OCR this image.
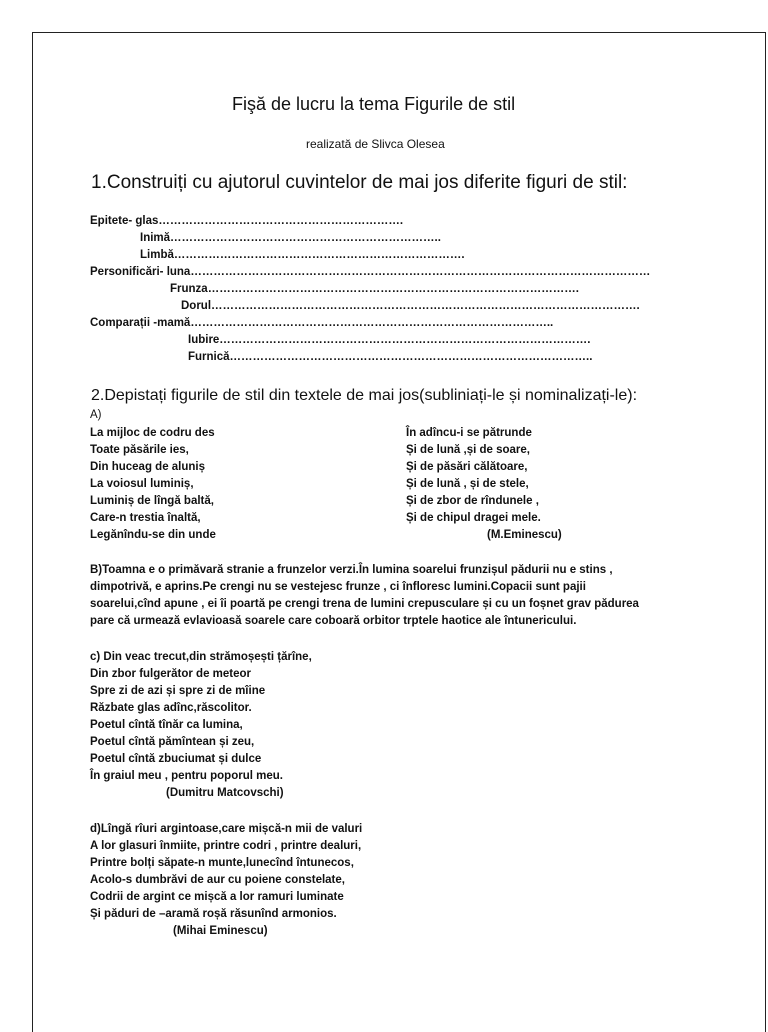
Fişă de lucru la tema Figurile de stil
realizată de Slivca Olesea
1.Construiți cu ajutorul cuvintelor de mai jos diferite figuri de stil:
Epitete- glas……………………………………………………….
Inimă……………………………………………………………..
Limbă………………………………………………………………….
Personificări- luna…………………………………………………………………………………………………………
Frunza…………………………………………………………………………………….
Dorul………………………………………………………………………………………………….
Comparații -mamă…………………………………………………………………………………..
Iubire…………………………………………………………………………………….
Furnică…………………………………………………………………………………..
2.Depistați figurile de stil din textele de mai jos(subliniați-le și nominalizați-le):
A)
La mijloc de codru des
Toate păsările ies,
Din huceag de aluniș
La voiosul luminiș,
Luminiș de lîngă baltă,
Care-n trestia înaltă,
Legănîndu-se din unde
În adîncu-i se pătrunde
Și de lună ,și de soare,
Și de păsări călătoare,
Și de lună , și de stele,
Și de zbor de rîndunele ,
Și de chipul dragei mele.
(M.Eminescu)
B)Toamna e o primăvară stranie a frunzelor verzi.În lumina soarelui frunzișul pădurii nu e stins ,
dimpotrivă, e aprins.Pe crengi nu se vestejesc frunze , ci înfloresc lumini.Copacii sunt pajii
soarelui,cînd apune , ei îi poartă pe crengi trena de lumini crepusculare și cu un foșnet grav pădurea
pare că urmează evlavioasă soarele care coboară orbitor trptele haotice ale întunericului.
c) Din veac trecut,din strămoșești țărîne,
Din zbor fulgerător de meteor
Spre zi de azi și spre zi de mîine
Răzbate glas adînc,răscolitor.
Poetul cîntă tînăr ca lumina,
Poetul cîntă pămîntean și zeu,
Poetul cîntă zbuciumat și dulce
În graiul meu , pentru poporul meu.
(Dumitru Matcovschi)
d)Lîngă rîuri argintoase,care mișcă-n mii de valuri
A lor glasuri înmiite, printre codri , printre dealuri,
Printre bolți săpate-n munte,lunecînd întunecos,
Acolo-s dumbrăvi de aur cu poiene constelate,
Codrii de argint ce mișcă a lor ramuri luminate
Și păduri de –aramă roșă răsunînd armonios.
(Mihai Eminescu)
